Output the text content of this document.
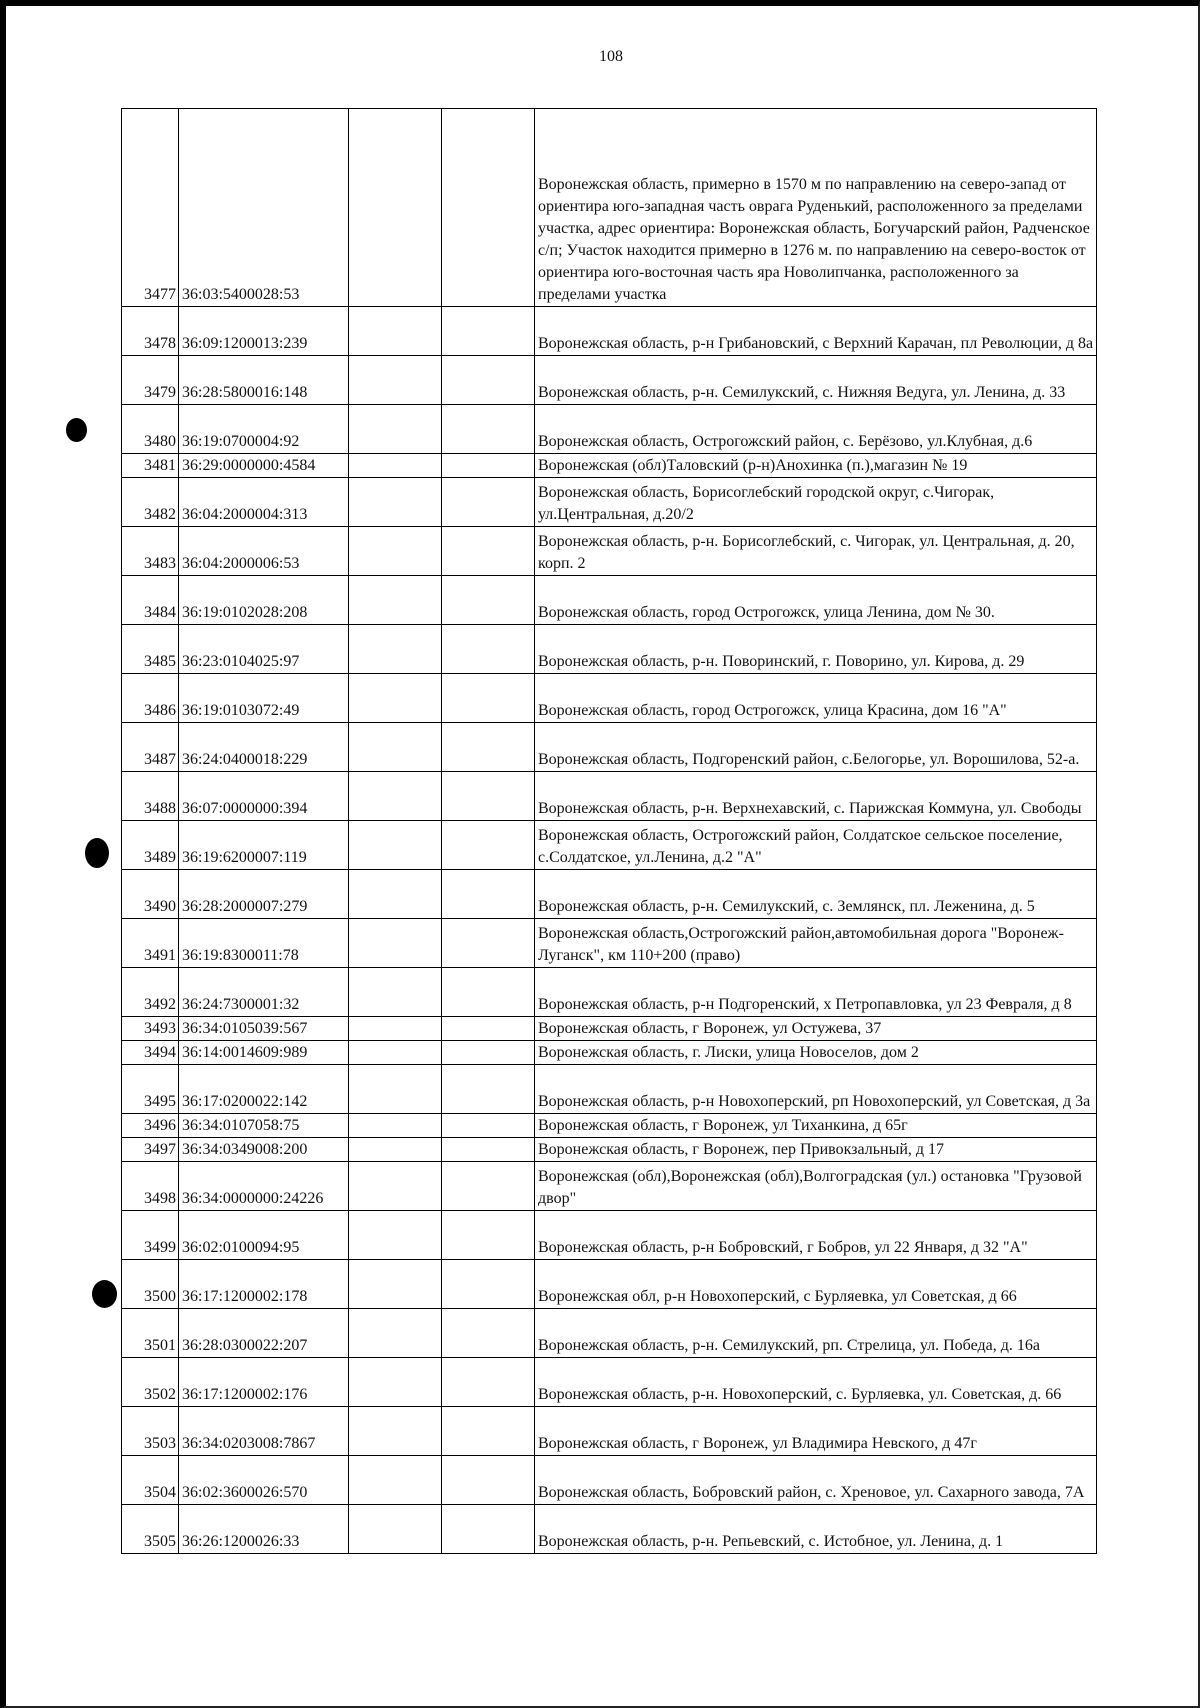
108
3477	36:03:5400028:53			Воронежская область, примерно в 1570 м по направлению на северо-запад от ориентира юго-западная часть оврага Руденький, расположенного за пределами участка, адрес ориентира: Воронежская область, Богучарский район, Радченское с/п; Участок находится примерно в 1276 м. по направлению на северо-восток от ориентира юго-восточная часть яра Новолипчанка, расположенного за пределами участка
3478	36:09:1200013:239			Воронежская область, р-н Грибановский, с Верхний Карачан, пл Революции, д 8а
3479	36:28:5800016:148			Воронежская область, р-н. Семилукский, с. Нижняя Ведуга, ул. Ленина, д. 33
3480	36:19:0700004:92			Воронежская область, Острогожский район, с. Берёзово, ул.Клубная, д.6
3481	36:29:0000000:4584			Воронежская (обл)Таловский (р-н)Анохинка (п.),магазин № 19
3482	36:04:2000004:313			Воронежская область, Борисоглебский городской округ, с.Чигорак, ул.Центральная, д.20/2
3483	36:04:2000006:53			Воронежская область, р-н. Борисоглебский, с. Чигорак, ул. Центральная, д. 20, корп. 2
3484	36:19:0102028:208			Воронежская область, город Острогожск, улица Ленина, дом № 30.
3485	36:23:0104025:97			Воронежская область, р-н. Поворинский, г. Поворино, ул. Кирова, д. 29
3486	36:19:0103072:49			Воронежская область, город Острогожск, улица Красина, дом 16 "А"
3487	36:24:0400018:229			Воронежская область, Подгоренский район, с.Белогорье, ул. Ворошилова, 52-а.
3488	36:07:0000000:394			Воронежская область, р-н. Верхнехавский, с. Парижская Коммуна, ул. Свободы
3489	36:19:6200007:119			Воронежская область, Острогожский район, Солдатское сельское поселение, с.Солдатское, ул.Ленина, д.2 "А"
3490	36:28:2000007:279			Воронежская область, р-н. Семилукский, с. Землянск, пл. Леженина, д. 5
3491	36:19:8300011:78			Воронежская область,Острогожский район,автомобильная дорога "Воронеж-Луганск", км 110+200 (право)
3492	36:24:7300001:32			Воронежская область, р-н Подгоренский, х Петропавловка, ул 23 Февраля, д 8
3493	36:34:0105039:567			Воронежская область, г Воронеж, ул Остужева, 37
3494	36:14:0014609:989			Воронежская область, г. Лиски, улица Новоселов, дом 2
3495	36:17:0200022:142			Воронежская область, р-н Новохоперский, рп Новохоперский, ул Советская, д 3а
3496	36:34:0107058:75			Воронежская область, г Воронеж, ул Тиханкина, д 65г
3497	36:34:0349008:200			Воронежская область, г Воронеж, пер Привокзальный, д 17
3498	36:34:0000000:24226			Воронежская (обл),Воронежская (обл),Волгоградская (ул.) остановка "Грузовой двор"
3499	36:02:0100094:95			Воронежская область, р-н Бобровский, г Бобров, ул 22 Января, д 32 "А"
3500	36:17:1200002:178			Воронежская обл, р-н Новохоперский, с Бурляевка, ул Советская, д 66
3501	36:28:0300022:207			Воронежская область, р-н. Семилукский, рп. Стрелица, ул. Победа, д. 16а
3502	36:17:1200002:176			Воронежская область, р-н. Новохоперский, с. Бурляевка, ул. Советская, д. 66
3503	36:34:0203008:7867			Воронежская область, г Воронеж, ул Владимира Невского, д 47г
3504	36:02:3600026:570			Воронежская область, Бобровский район, с. Хреновое, ул. Сахарного завода, 7А
3505	36:26:1200026:33			Воронежская область, р-н. Репьевский, с. Истобное, ул. Ленина, д. 1
